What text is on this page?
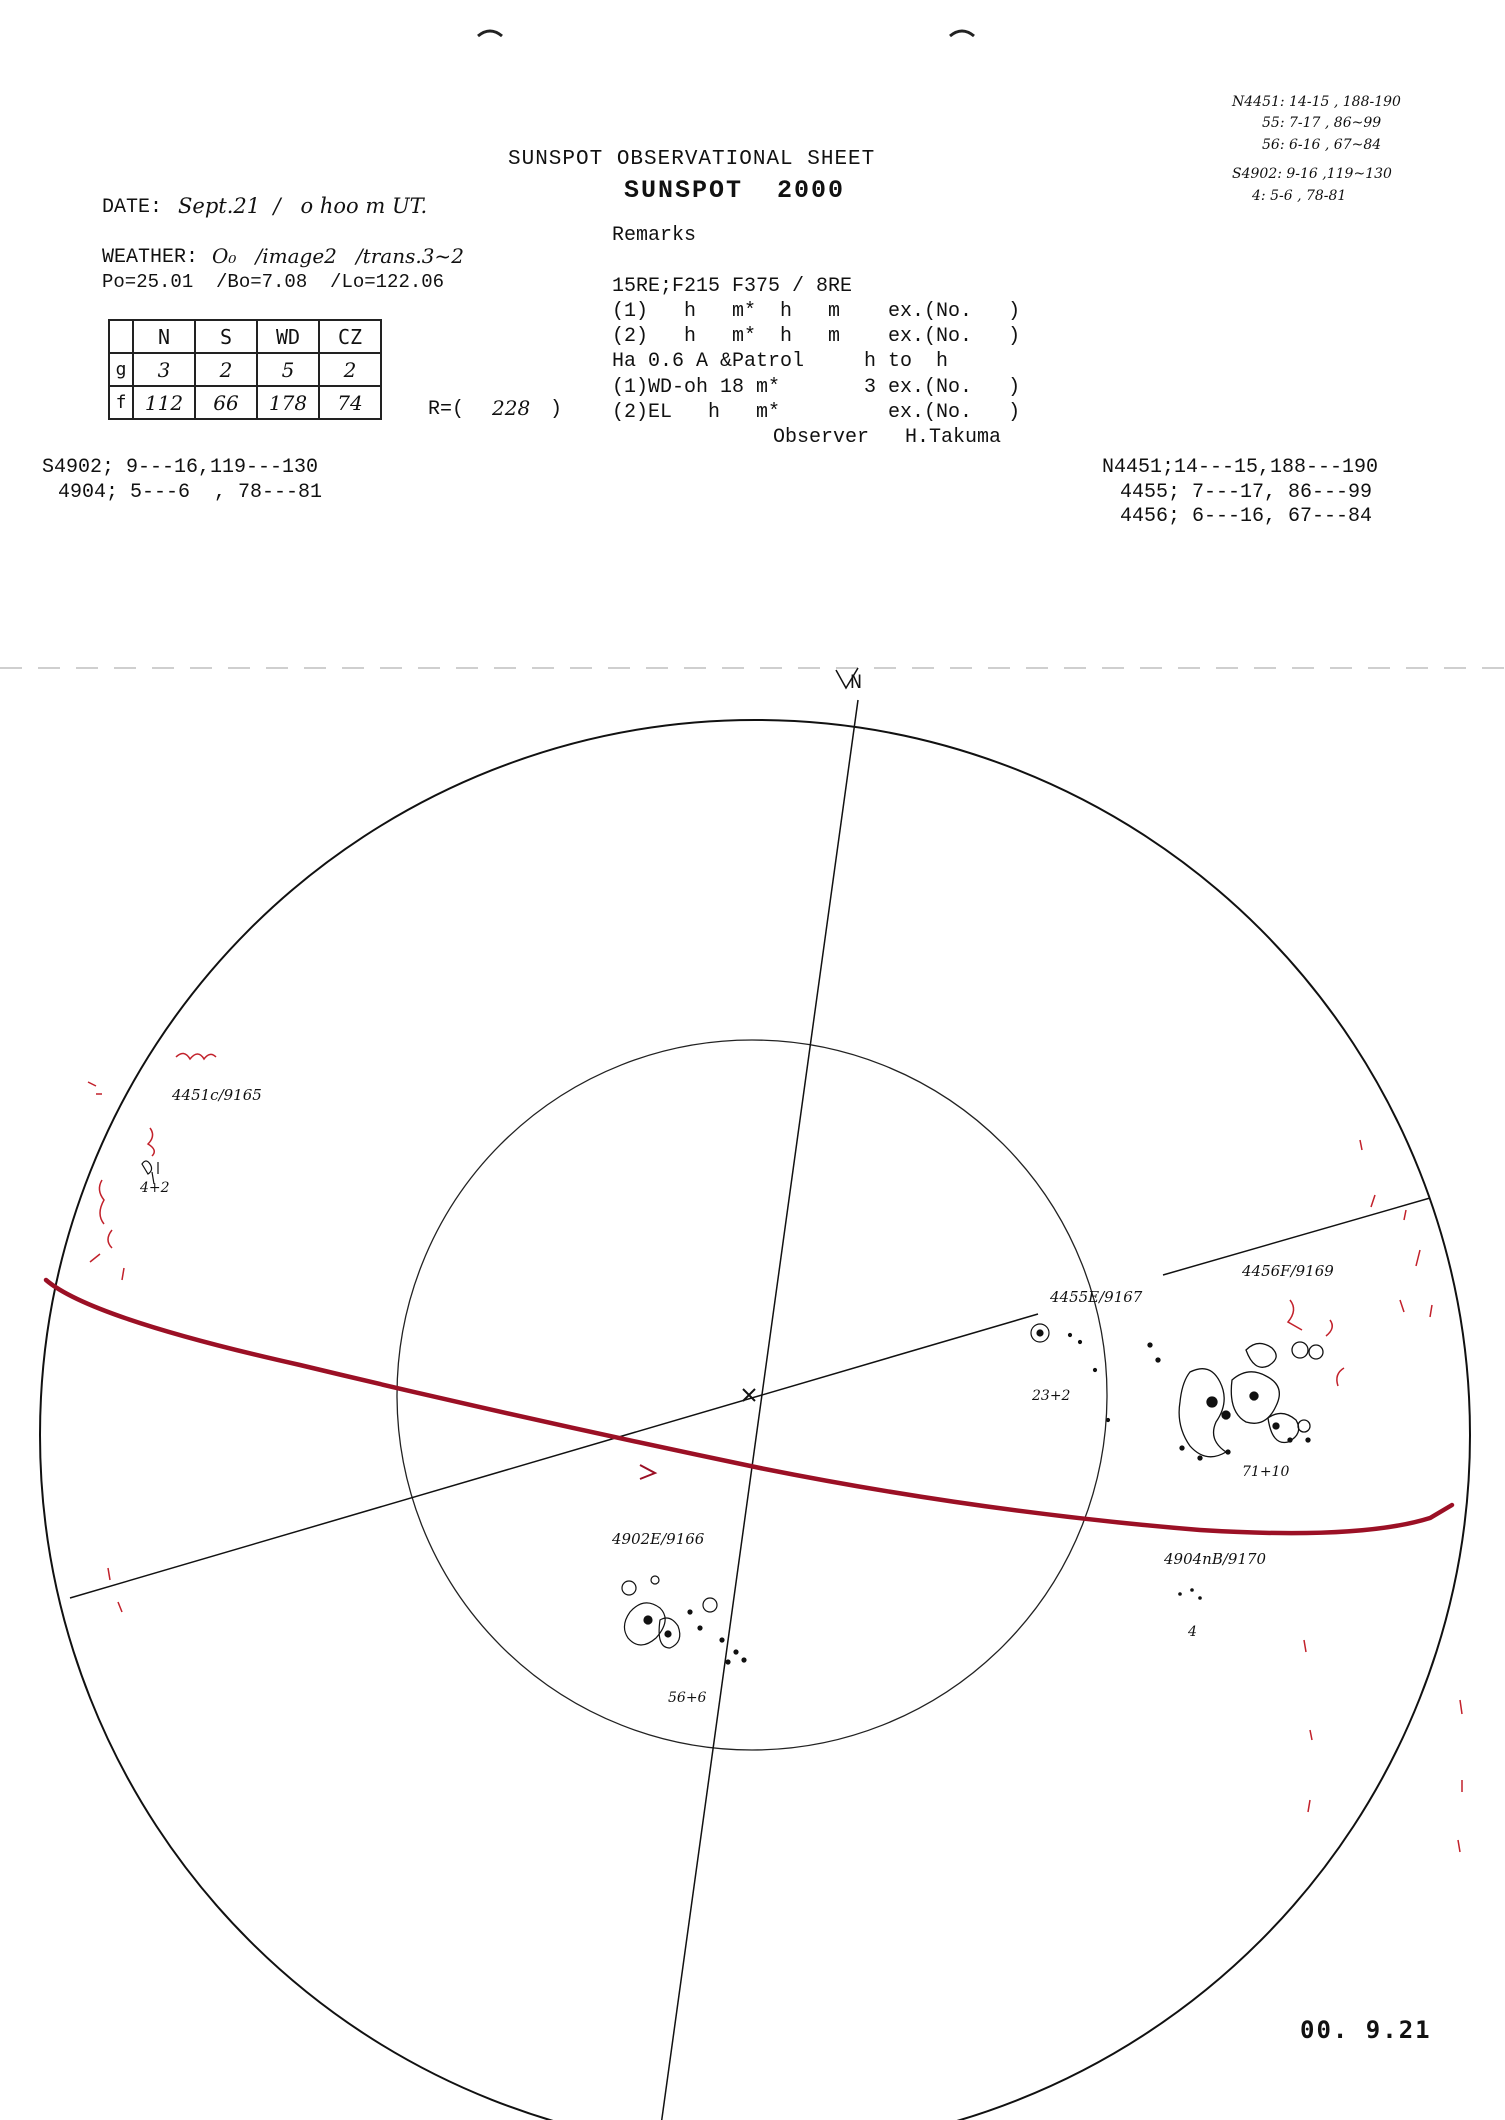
SUNSPOT OBSERVATIONAL SHEET
SUNSPOT  2000
DATE: Sept.21  /   o hoo m UT.
WEATHER: O₀   /image2   /trans.3~2
Po=25.01  /Bo=7.08  /Lo=122.06
Remarks
15RE;F215 F375 / 8RE
(1)   h   m*  h   m    ex.(No.   )
(2)   h   m*  h   m    ex.(No.   )
Ha 0.6 A &Patrol     h to  h
(1)WD-oh 18 m*       3 ex.(No.   )
(2)EL   h   m*         ex.(No.   )
Observer   H.Takuma
	N	S	WD	CZ
g	3	2	5	2
f	112	66	178	74	R=( 228 )
N4451: 14-15 , 188-190
55: 7-17 , 86~99
56: 6-16 , 67~84
S4902: 9-16 ,119~130
4: 5-6 , 78-81
S4902; 9---16,119---130
4904; 5---6  , 78---81
N4451;14---15,188---190
4455; 7---17, 86---99
4456; 6---16, 67---84
N
4451c/9165
4+2
4455E/9167
23+2
4456F/9169
71+10
4902E/9166
56+6
4904nB/9170
4
00. 9.21
